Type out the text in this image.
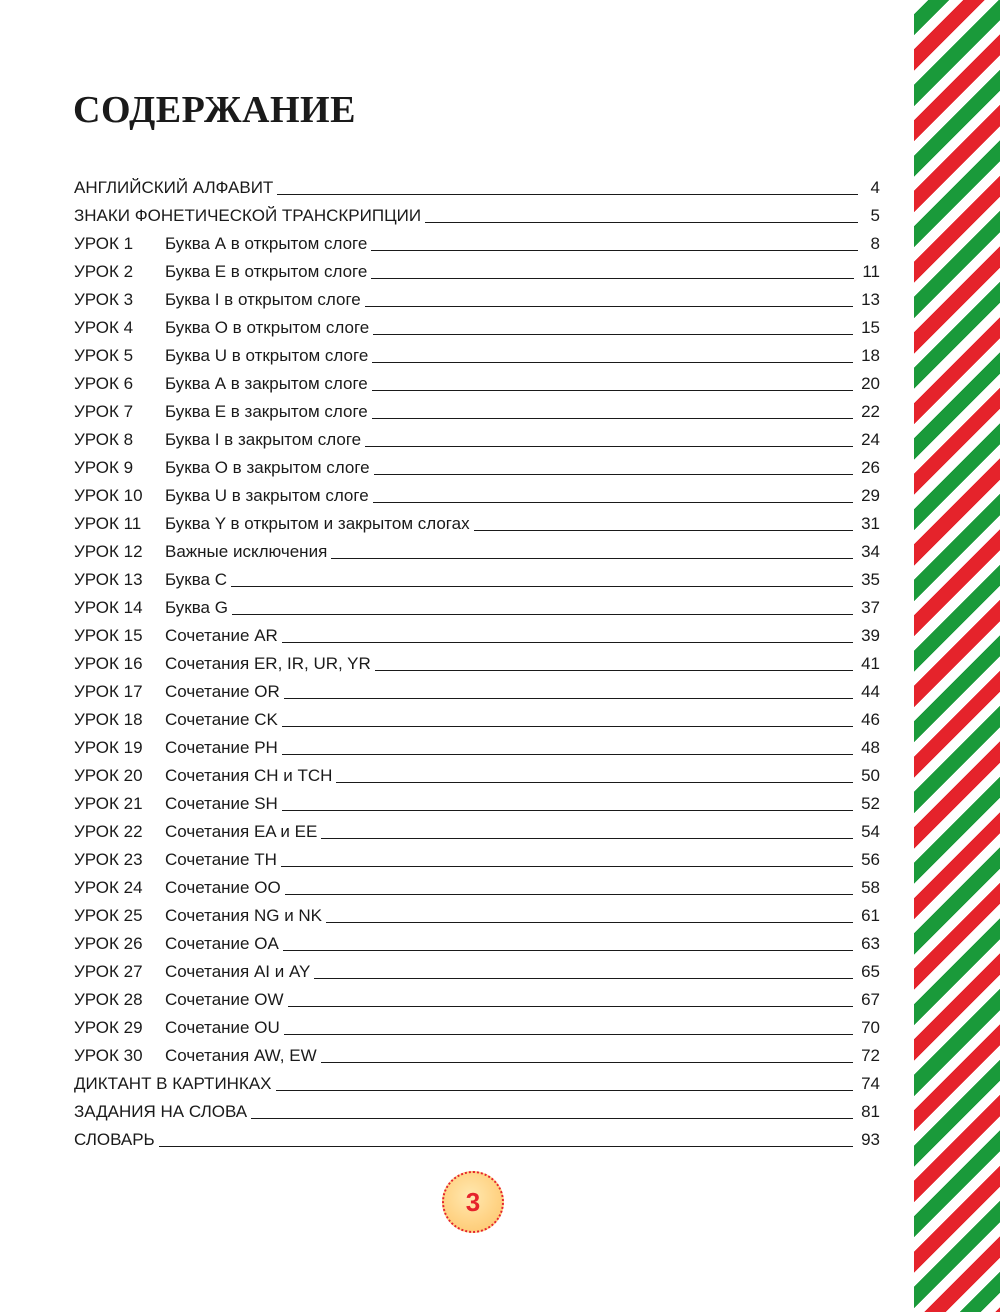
СОДЕРЖАНИЕ
АНГЛИЙСКИЙ АЛФАВИТ	4
ЗНАКИ ФОНЕТИЧЕСКОЙ ТРАНСКРИПЦИИ	5
УРОК 1	Буква А в открытом слоге	8
УРОК 2	Буква Е в открытом слоге	11
УРОК 3	Буква I в открытом слоге	13
УРОК 4	Буква О в открытом слоге	15
УРОК 5	Буква U в открытом слоге	18
УРОК 6	Буква А в закрытом слоге	20
УРОК 7	Буква Е в закрытом слоге	22
УРОК 8	Буква I в закрытом слоге	24
УРОК 9	Буква О в закрытом слоге	26
УРОК 10	Буква U в закрытом слоге	29
УРОК 11	Буква Y в открытом и закрытом слогах	31
УРОК 12	Важные исключения	34
УРОК 13	Буква С	35
УРОК 14	Буква G	37
УРОК 15	Сочетание AR	39
УРОК 16	Сочетания ER, IR, UR, YR	41
УРОК 17	Сочетание OR	44
УРОК 18	Сочетание CK	46
УРОК 19	Сочетание PH	48
УРОК 20	Сочетания CH и TCH	50
УРОК 21	Сочетание SH	52
УРОК 22	Сочетания EA и EE	54
УРОК 23	Сочетание TH	56
УРОК 24	Сочетание OO	58
УРОК 25	Сочетания NG и NK	61
УРОК 26	Сочетание OA	63
УРОК 27	Сочетания AI и AY	65
УРОК 28	Сочетание OW	67
УРОК 29	Сочетание OU	70
УРОК 30	Сочетания AW, EW	72
ДИКТАНТ В КАРТИНКАХ	74
ЗАДАНИЯ НА СЛОВА	81
СЛОВАРЬ	93
3
